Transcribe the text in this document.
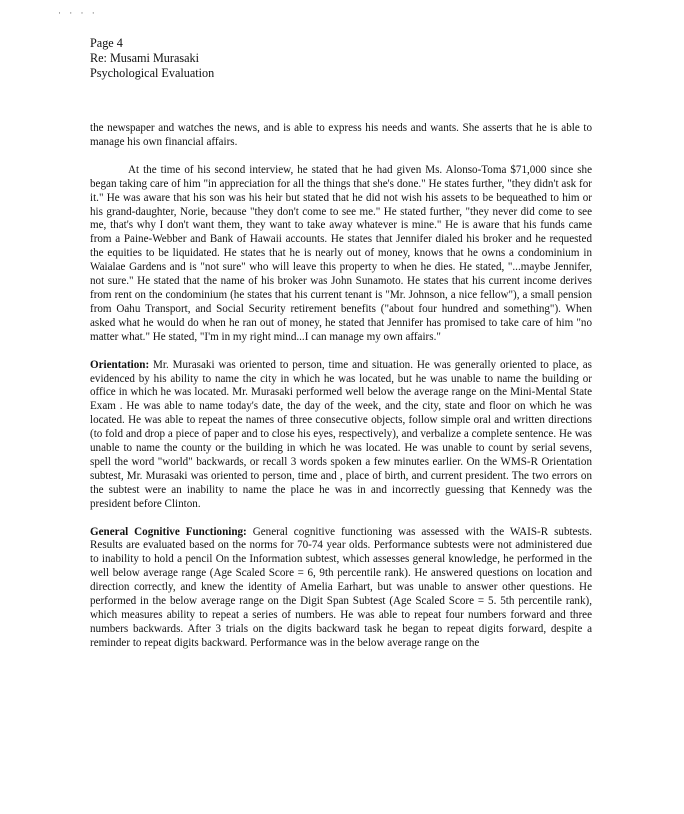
· · · ·
Page 4
Re: Musami Murasaki
Psychological Evaluation

the newspaper and watches the news, and is able to express his needs and wants. She asserts that he is able to manage his own financial affairs.

At the time of his second interview, he stated that he had given Ms. Alonso-Toma $71,000 since she began taking care of him "in appreciation for all the things that she's done." He states further, "they didn't ask for it." He was aware that his son was his heir but stated that he did not wish his assets to be bequeathed to him or his grand-daughter, Norie, because "they don't come to see me." He stated further, "they never did come to see me, that's why I don't want them, they want to take away whatever is mine." He is aware that his funds came from a Paine-Webber and Bank of Hawaii accounts. He states that Jennifer dialed his broker and he requested the equities to be liquidated. He states that he is nearly out of money, knows that he owns a condominium in Waialae Gardens and is "not sure" who will leave this property to when he dies. He stated, "...maybe Jennifer, not sure." He stated that the name of his broker was John Sunamoto. He states that his current income derives from rent on the condominium (he states that his current tenant is "Mr. Johnson, a nice fellow"), a small pension from Oahu Transport, and Social Security retirement benefits ("about four hundred and something"). When asked what he would do when he ran out of money, he stated that Jennifer has promised to take care of him "no matter what." He stated, "I'm in my right mind...I can manage my own affairs."

Orientation: Mr. Murasaki was oriented to person, time and situation. He was generally oriented to place, as evidenced by his ability to name the city in which he was located, but he was unable to name the building or office in which he was located. Mr. Murasaki performed well below the average range on the Mini-Mental State Exam . He was able to name today's date, the day of the week, and the city, state and floor on which he was located. He was able to repeat the names of three consecutive objects, follow simple oral and written directions (to fold and drop a piece of paper and to close his eyes, respectively), and verbalize a complete sentence. He was unable to name the county or the building in which he was located. He was unable to count by serial sevens, spell the word "world" backwards, or recall 3 words spoken a few minutes earlier. On the WMS-R Orientation subtest, Mr. Murasaki was oriented to person, time and , place of birth, and current president. The two errors on the subtest were an inability to name the place he was in and incorrectly guessing that Kennedy was the president before Clinton.

General Cognitive Functioning: General cognitive functioning was assessed with the WAIS-R subtests. Results are evaluated based on the norms for 70-74 year olds. Performance subtests were not administered due to inability to hold a pencil On the Information subtest, which assesses general knowledge, he performed in the well below average range (Age Scaled Score = 6, 9th percentile rank). He answered questions on location and direction correctly, and knew the identity of Amelia Earhart, but was unable to answer other questions. He performed in the below average range on the Digit Span Subtest (Age Scaled Score = 5. 5th percentile rank), which measures ability to repeat a series of numbers. He was able to repeat four numbers forward and three numbers backwards. After 3 trials on the digits backward task he began to repeat digits forward, despite a reminder to repeat digits backward. Performance was in the below average range on the
